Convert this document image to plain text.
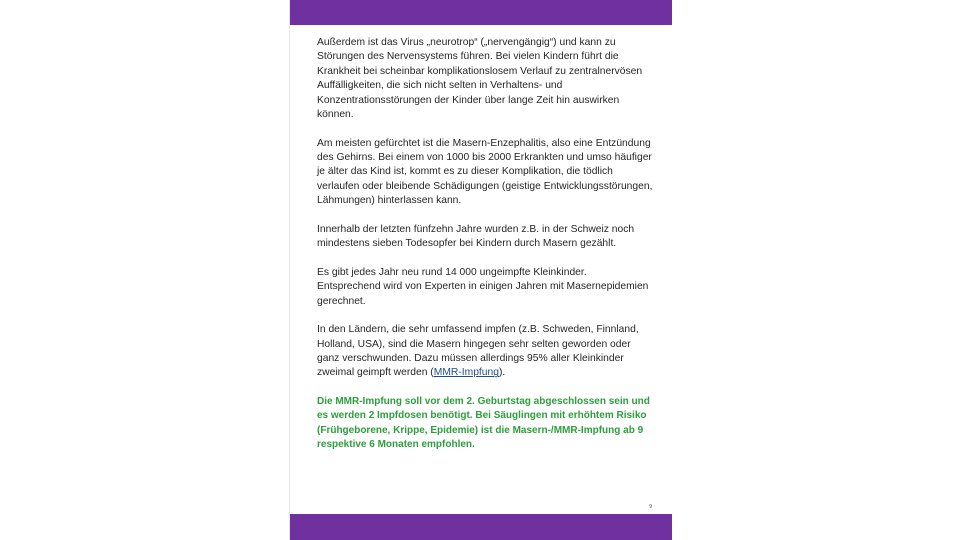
Außerdem ist das Virus „neurotrop“ („nervengängig“) und kann zu Störungen des Nervensystems führen. Bei vielen Kindern führt die Krankheit bei scheinbar komplikationslosem Verlauf zu zentralnervösen Auffälligkeiten, die sich nicht selten in Verhaltens- und Konzentrationsstörungen der Kinder über lange Zeit hin auswirken können.

Am meisten gefürchtet ist die Masern-Enzephalitis, also eine Entzündung des Gehirns. Bei einem von 1000 bis 2000 Erkrankten und umso häufiger je älter das Kind ist, kommt es zu dieser Komplikation, die tödlich verlaufen oder bleibende Schädigungen (geistige Entwicklungsstörungen, Lähmungen) hinterlassen kann.

Innerhalb der letzten fünfzehn Jahre wurden z.B. in der Schweiz noch mindestens sieben Todesopfer bei Kindern durch Masern gezählt.

Es gibt jedes Jahr neu rund 14 000 ungeimpfte Kleinkinder. Entsprechend wird von Experten in einigen Jahren mit Masernepidemien gerechnet.

In den Ländern, die sehr umfassend impfen (z.B. Schweden, Finnland, Holland, USA), sind die Masern hingegen sehr selten geworden oder ganz verschwunden. Dazu müssen allerdings 95% aller Kleinkinder zweimal geimpft werden (MMR-Impfung).

Die MMR-Impfung soll vor dem 2. Geburtstag abgeschlossen sein und es werden 2 Impfdosen benötigt. Bei Säuglingen mit erhöhtem Risiko (Frühgeborene, Krippe, Epidemie) ist die Masern-/MMR-Impfung ab 9 respektive 6 Monaten empfohlen.

9
